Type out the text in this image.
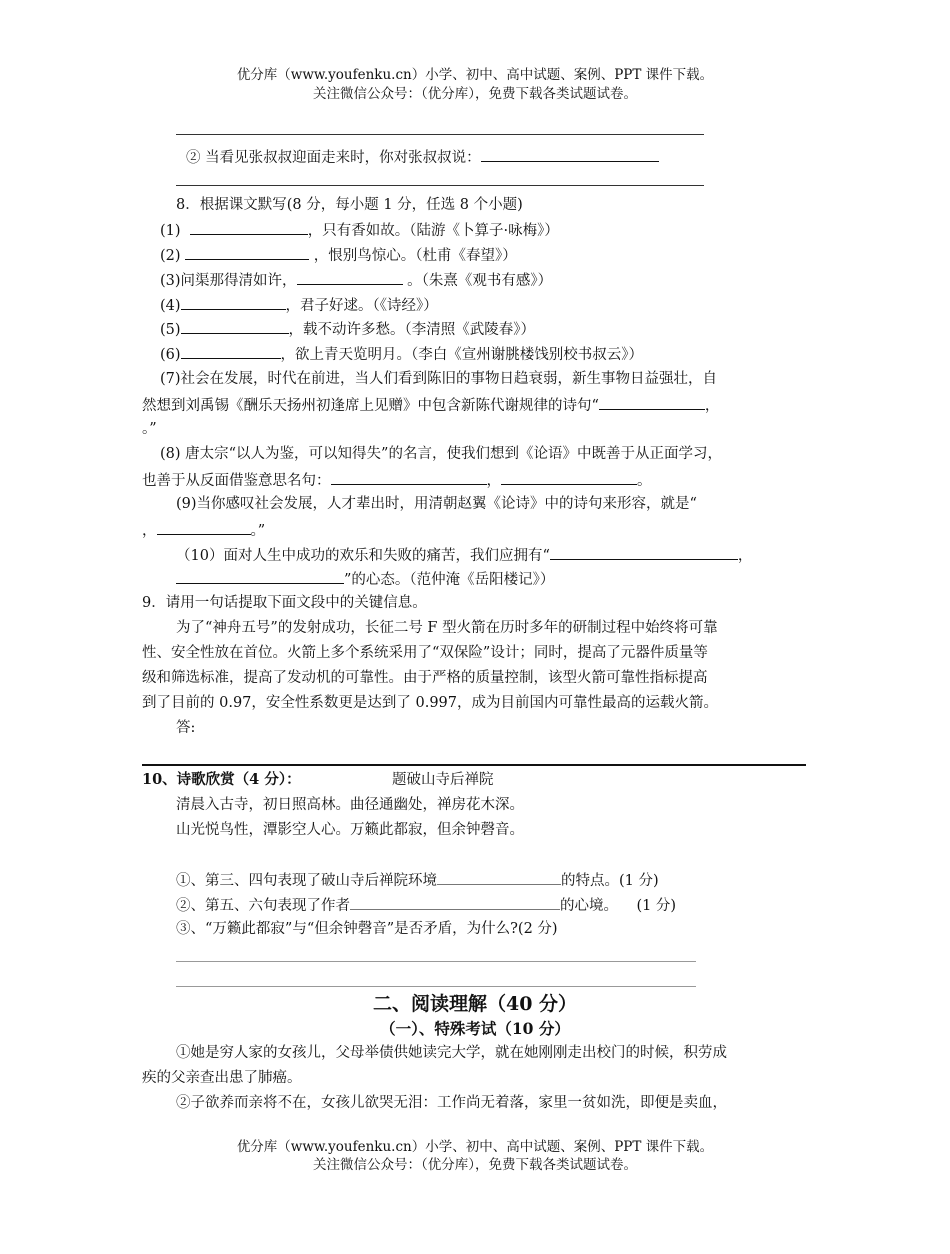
优分库（www.youfenku.cn）小学、初中、高中试题、案例、PPT 课件下载。
关注微信公众号：（优分库），免费下载各类试题试卷。
② 当看见张叔叔迎面走来时，你对张叔叔说：
8．根据课文默写(8 分，每小题 1 分，任选 8 个小题)
(1)	，只有香如故。（陆游《卜算子·咏梅》）
(2)	，恨别鸟惊心。（杜甫《春望》）
(3)问渠那得清如许，	。（朱熹《观书有感》）
(4)	，君子好逑。（《诗经》）
(5)	，载不动许多愁。（李清照《武陵春》）
(6)	，欲上青天览明月。（李白《宣州谢朓楼饯别校书叔云》）
(7)社会在发展，时代在前进，当人们看到陈旧的事物日趋衰弱，新生事物日益强壮，自
然想到刘禹锡《酬乐天扬州初逢席上见赠》中包含新陈代谢规律的诗句“	，
。”
(8) 唐太宗“以人为鉴，可以知得失”的名言，使我们想到《论语》中既善于从正面学习，
也善于从反面借鉴意思名句：	，	。
(9)当你感叹社会发展，人才辈出时，用清朝赵翼《论诗》中的诗句来形容，就是“
，	。”
（10）面对人生中成功的欢乐和失败的痛苦，我们应拥有“	，
”的心态。（范仲淹《岳阳楼记》）
9．请用一句话提取下面文段中的关键信息。
为了“神舟五号”的发射成功，长征二号 F 型火箭在历时多年的研制过程中始终将可靠
性、安全性放在首位。火箭上多个系统采用了“双保险”设计；同时，提高了元器件质量等
级和筛选标准，提高了发动机的可靠性。由于严格的质量控制，该型火箭可靠性指标提高
到了目前的 0.97，安全性系数更是达到了 0.997，成为目前国内可靠性最高的运载火箭。
答:
10、诗歌欣赏（4 分）：	题破山寺后禅院
清晨入古寺，初日照高林。曲径通幽处，禅房花木深。
山光悦鸟性，潭影空人心。万籁此都寂，但余钟磬音。
①、第三、四句表现了破山寺后禅院环境	的特点。(1 分)
②、第五、六句表现了作者	的心境。 (1 分)
③、“万籁此都寂”与“但余钟磬音”是否矛盾，为什么?(2 分)
二、阅读理解（40 分）
（一）、特殊考试（10 分）
①她是穷人家的女孩儿，父母举债供她读完大学，就在她刚刚走出校门的时候，积劳成
疾的父亲查出患了肺癌。
②子欲养而亲将不在，女孩儿欲哭无泪：工作尚无着落，家里一贫如洗，即便是卖血，
优分库（www.youfenku.cn）小学、初中、高中试题、案例、PPT 课件下载。
关注微信公众号：（优分库），免费下载各类试题试卷。
